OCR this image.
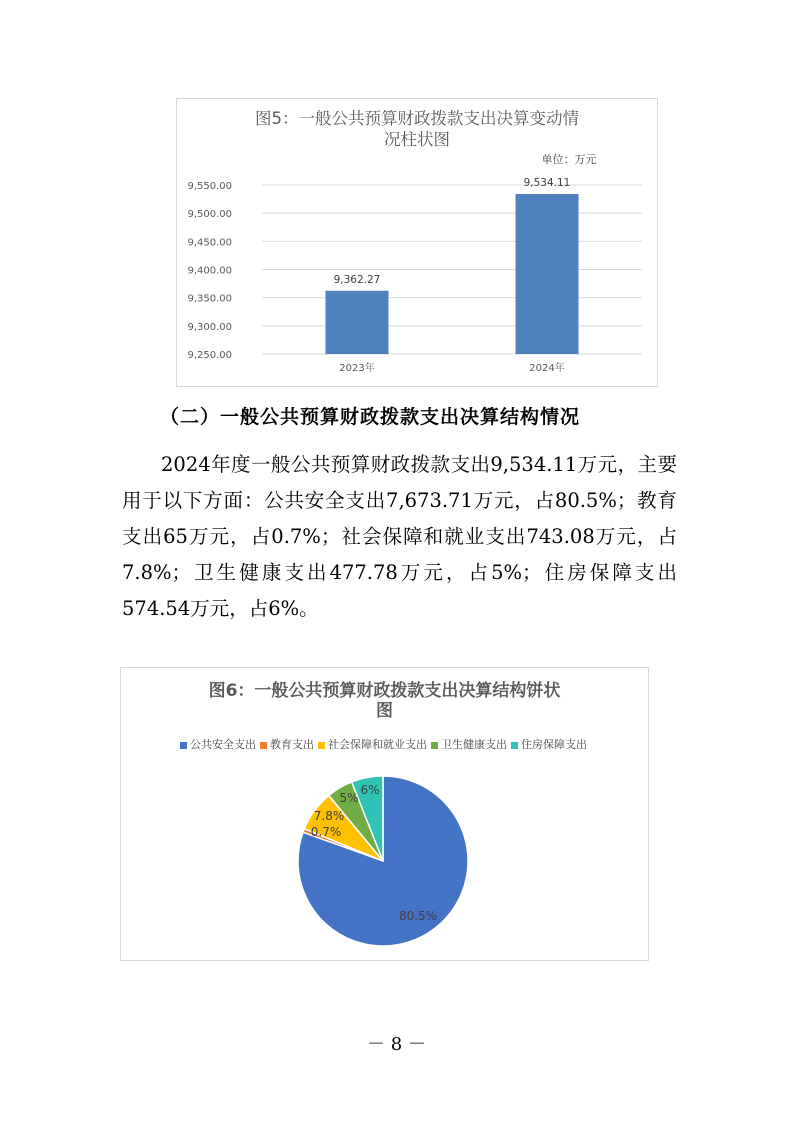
图5：一般公共预算财政拨款支出决算变动情
况柱状图
单位：万元
9,550.00
9,500.00
9,450.00
9,400.00
9,350.00
9,300.00
9,250.00
9,362.27
2023年
9,534.11
2024年
（二）一般公共预算财政拨款支出决算结构情况
2024年度一般公共预算财政拨款支出9,534.11万元，主要用于以下方面：公共安全支出7,673.71万元，占80.5%；教育支出65万元，占0.7%；社会保障和就业支出743.08万元，占7.8%；卫生健康支出477.78万元，占5%；住房保障支出574.54万元，占6%。
图6：一般公共预算财政拨款支出决算结构饼状
图
80.5%
0.7%
7.8%
5%
6%
公共安全支出 教育支出 社会保障和就业支出 卫生健康支出 住房保障支出
－ 8 －
